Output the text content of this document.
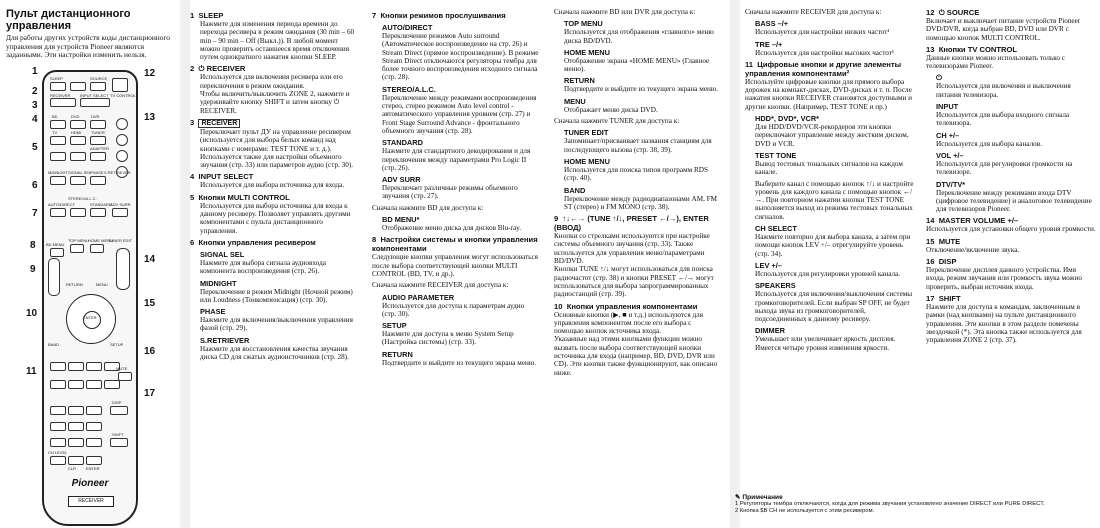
Пульт дистанционного управления
Для работы других устройств коды дистанционного управления для устройств Pioneer являются заданными. Эти настройки изменить нельзя.
SLEEP	SOURCE
RECEIVER INPUT SELECT TV CONTROL
BD	DVD	DVR
TV	HDMI TUNER
ADAPTER
MIDNIGHT SIGNAL SEL
PHASE S.RETRIEVER
AUTO/DIRECT
STEREO/A.L.C.
STANDARD
ADV SURR
BD MENU
TOP MENU HOME MENU
TUNER EDIT
RETURN	MENU
ENTER
BAND	SETUP
MUTE
DISP
SHIFT
CH LEVEL
CLR ENTER
Pioneer
RECEIVER
1
2
3
4
5
6
7
8
9
10
11
12
13
14
15
16
17
1 SLEEP
Нажмите для изменения периода времени до перехода ресивера в режим ожидания (30 min – 60 min – 90 min – Off (Выкл.)). В любой момент можно проверить оставшееся время отключения путем однократного нажатия кнопки SLEEP.
2 ⏻ RECEIVER
Используется для включения ресивера или его переключения в режим ожидания.
Чтобы включить/выключить ZONE 2, нажмите и удерживайте кнопку SHIFT и затем кнопку ⏻ RECEIVER.
3 RECEIVER
Переключает пульт ДУ на управление ресивером (используется для выбора белых команд над кнопками с номерами: TEST TONE и т. д.). Используется также для настройки объемного звучания (стр. 33) или параметров аудио (стр. 30).
4 INPUT SELECT
Используется для выбора источника для входа.
5 Кнопки MULTI CONTROL
Используется для выбора источника для входа к данному ресиверу. Позволяет управлять другими компонентами с пульта дистанционного управления.
6 Кнопки управления ресивером
SIGNAL SEL
Нажмите для выбора сигнала аудиовхода компонента воспроизведения (стр. 26).
MIDNIGHT
Переключение в режим Midnight (Ночной режим) или Loudness (Тонкомпенсация) (стр. 30).
PHASE
Нажмите для включения/выключения управления фазой (стр. 29).
S.RETRIEVER
Нажмите для восстановления качества звучания диска CD для сжатых аудиоисточников (стр. 28).
7 Кнопки режимов прослушивания
AUTO/DIRECT
Переключение режимов Auto surround (Автоматическое воспроизведение на стр. 26) и Stream Direct (прямое воспроизведение). В режиме Stream Direct отключаются регуляторы тембра для более точного воспроизведения исходного сигнала (стр. 28).
STEREO/A.L.C.
Переключение между режимами воспроизведения стерео, стерео режимом Auto level control - автоматического управления уровнем (стр. 27) и Front Stage Surround Advance - фронтального объемного звучания (стр. 28).
STANDARD
Нажмите для стандартного декодирования и для переключения между параметрами Pro Logic II (стр. 26).
ADV SURR
Переключает различные режимы объемного звучания (стр. 27).
Сначала нажмите BD для доступа к:
BD MENU*
Отображение меню диска для дисков Blu-ray.
8 Настройки системы и кнопки управления компонентами
Следующие кнопки управления могут использоваться после выбора соответствующей кнопки MULTI CONTROL (BD, TV, и др.).
Сначала нажмите RECEIVER для доступа к:
AUDIO PARAMETER
Используется для доступа к параметрам аудио (стр. 30).
SETUP
Нажмите для доступа к меню System Setup (Настройка системы) (стр. 33).
RETURN
Подтвердите и выйдите из текущего экрана меню.
Сначала нажмите BD или DVR для доступа к:
TOP MENU
Используется для отображения «главного» меню диска BD/DVD.
HOME MENU
Отображение экрана «HOME MENU» (Главное меню).
RETURN
Подтвердите и выйдите из текущего экрана меню.
MENU
Отображает меню диска DVD.
Сначала нажмите TUNER для доступа к:
TUNER EDIT
Запоминает/присваивает названия станциям для последующего вызова (стр. 38, 39).
HOME MENU
Используется для поиска типов программ RDS (стр. 40).
BAND
Переключение между радиодиапазонами AM, FM ST (стерео) и FM MONO (стр. 38).
9 ↑↓←→ (TUNE ↑/↓, PRESET ←/→), ENTER (ВВОД)
Кнопки со стрелками используются при настройке системы объемного звучания (стр. 33). Также используется для управления меню/параметрами BD/DVD.
Кнопки TUNE ↑/↓ могут использоваться для поиска радиочастот (стр. 38) и кнопки PRESET ←/→ могут использоваться для выбора запрограммированных радиостанций (стр. 39).
10 Кнопки управления компонентами
Основные кнопки (▶, ■ и т.д.) используются для управления компонентом после его выбора с помощью кнопок источника входа.
Указанные над этими кнопками функции можно вызвать после выбора соответствующей кнопки источника для входа (например, BD, DVD, DVR или CD). Эти кнопки также функционируют, как описано ниже.
Сначала нажмите RECEIVER для доступа к:
BASS –/+
Используется для настройки низких частот¹
TRE –/+
Используется для настройки высоких частот¹
11 Цифровые кнопки и другие элементы управления компонентами²
Используйте цифровые кнопки для прямого выбора дорожек на компакт-дисках, DVD-дисках и т. п. После нажатия кнопки RECEIVER становятся доступными и другие кнопки. (Например, TEST TONE и пр.)
HDD*, DVD*, VCR*
Для HDD/DVD/VCR-рекордеров эти кнопки переключают управление между жестким диском, DVD и VCR.
TEST TONE
Вывод тестовых тональных сигналов на каждом канале.
Выберите канал с помощью кнопок ↑/↓ и настройте уровень для каждого канала с помощью кнопок ←/→. При повторном нажатии кнопки TEST TONE выполняется выход из режима тестовых тональных сигналов.
CH SELECT
Нажмите повторно для выбора канала, а затем при помощи кнопок LEV +/– отрегулируйте уровень (стр. 34).
LEV +/–
Используется для регулировки уровней канала.
SPEAKERS
Используется для включения/выключения системы громкоговорителей. Если выбран SP OFF, не будет выхода звука из громкоговорителей, подсоединенных к данному ресиверу.
DIMMER
Уменьшает или увеличивает яркость дисплея. Имеется четыре уровня изменения яркости.
12 ⏻ SOURCE
Включает и выключает питание устройств Pioneer DVD/DVR, когда выбран BD, DVD или DVR с помощью кнопок MULTI CONTROL.
13 Кнопки TV CONTROL
Данные кнопки можно использовать только с телевизорами Pioneer.
⏻
Используется для включения и выключения питания телевизора.
INPUT
Используется для выбора входного сигнала телевизора.
CH +/–
Используется для выбора каналов.
VOL +/–
Используется для регулировки громкости на телевизоре.
DTV/TV*
Переключение между режимами входа DTV (цифровое телевидение) и аналоговое телевидение для телевизоров Pioneer.
14 MASTER VOLUME +/–
Используется для установки общего уровня громкости.
15 MUTE
Отключение/включение звука.
16 DISP
Переключение дисплея данного устройства. Имя входа, режим звучания или громкость звука можно проверить, выбрав источник входа.
17 SHIFT
Нажмите для доступа к командам, заключенным в рамки (над кнопками) на пульте дистанционного управления. Эти кнопки в этом разделе помечены звездочкой (*). Эта кнопка также используется для управления ZONE 2 (стр. 37).
✎ Примечание
1 Регуляторы тембра отключаются, когда для режима звучания установлено значение DIRECT или PURE DIRECT.
2 Кнопка $B CH не используется с этим ресивером.
